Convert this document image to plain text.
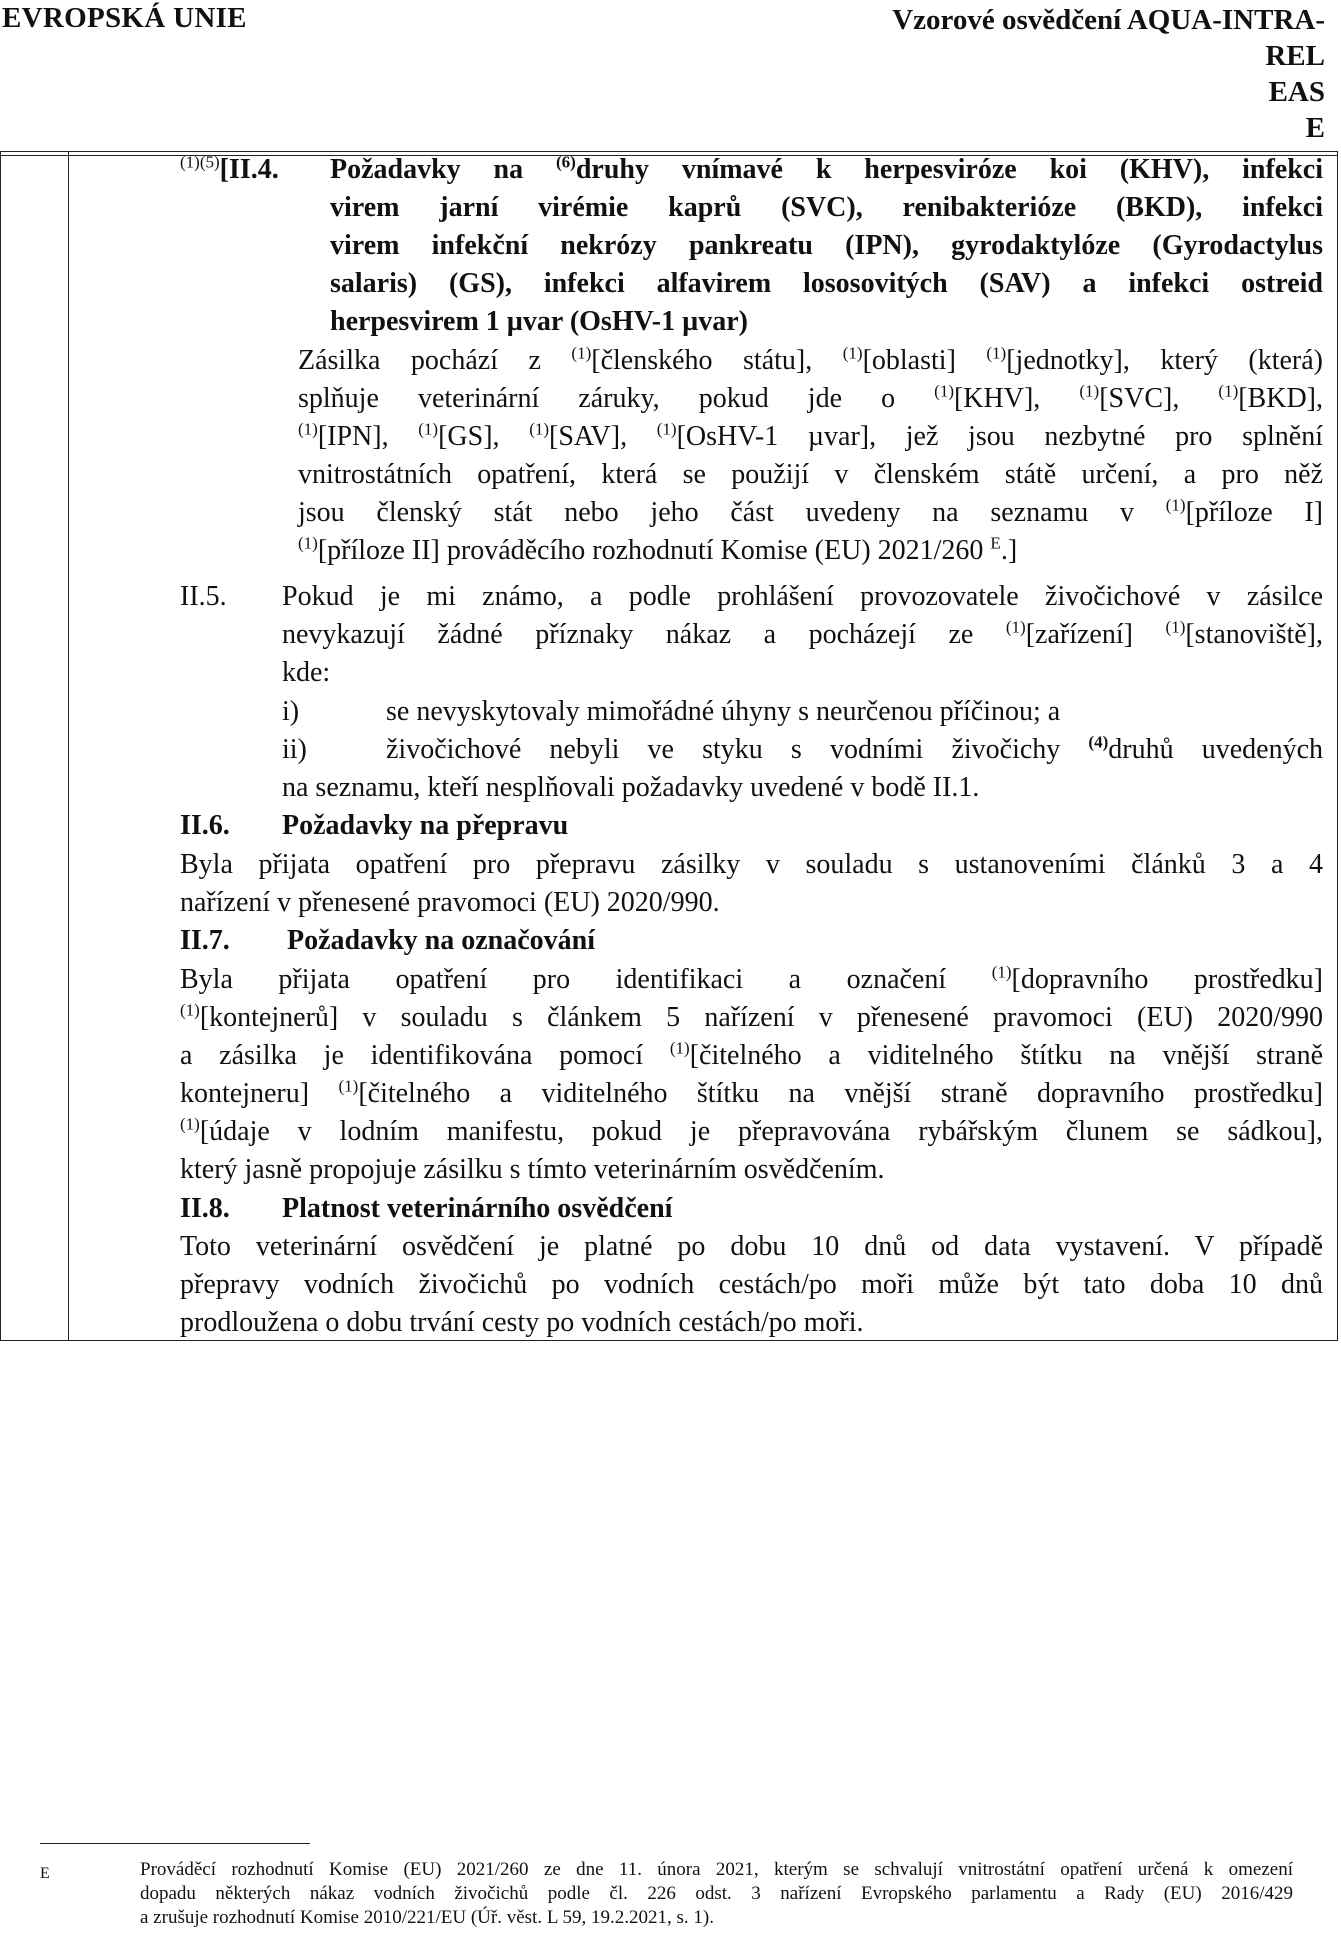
EVROPSKÁ UNIE	Vzorové osvědčení AQUA-INTRA-
REL
EAS
E
$^{(1)(5)}$[II.4. Požadavky na $^{(6)}$druhy vnímavé k herpesviróze koi (KHV), infekci
virem jarní virémie kaprů (SVC), renibakterióze (BKD), infekci
virem infekční nekrózy pankreatu (IPN), gyrodaktylóze (Gyrodactylus
salaris) (GS), infekci alfavirem lososovitých (SAV) a infekci ostreid
herpesvirem 1 µvar (OsHV-1 µvar)
Zásilka pochází z $^{(1)}$[členského státu], $^{(1)}$[oblasti] $^{(1)}$[jednotky], který (která)
splňuje veterinární záruky, pokud jde o $^{(1)}$[KHV], $^{(1)}$[SVC], $^{(1)}$[BKD],
$^{(1)}$[IPN], $^{(1)}$[GS], $^{(1)}$[SAV], $^{(1)}$[OsHV-1 µvar], jež jsou nezbytné pro splnění
vnitrostátních opatření, která se použijí v členském státě určení, a pro něž
jsou členský stát nebo jeho část uvedeny na seznamu v $^{(1)}$[příloze I]
$^{(1)}$[příloze II] prováděcího rozhodnutí Komise (EU) 2021/260 $^E$.]
II.5. Pokud je mi známo, a podle prohlášení provozovatele živočichové v zásilce
nevykazují žádné příznaky nákaz a pocházejí ze $^{(1)}$[zařízení] $^{(1)}$[stanoviště],
kde:
i)	se nevyskytovaly mimořádné úhyny s neurčenou příčinou; a
ii)	živočichové nebyli ve styku s vodními živočichy $^{(4)}$druhů uvedených
na seznamu, kteří nesplňovali požadavky uvedené v bodě II.1.
II.6. Požadavky na přepravu
Byla přijata opatření pro přepravu zásilky v souladu s ustanoveními článků 3 a 4
nařízení v přenesené pravomoci (EU) 2020/990.
II.7. Požadavky na označování
Byla přijata opatření pro identifikaci a označení $^{(1)}$[dopravního prostředku]
$^{(1)}$[kontejnerů] v souladu s článkem 5 nařízení v přenesené pravomoci (EU) 2020/990
a zásilka je identifikována pomocí $^{(1)}$[čitelného a viditelného štítku na vnější straně
kontejneru] $^{(1)}$[čitelného a viditelného štítku na vnější straně dopravního prostředku]
$^{(1)}$[údaje v lodním manifestu, pokud je přepravována rybářským člunem se sádkou],
který jasně propojuje zásilku s tímto veterinárním osvědčením.
II.8. Platnost veterinárního osvědčení
Toto veterinární osvědčení je platné po dobu 10 dnů od data vystavení. V případě
přepravy vodních živočichů po vodních cestách/po moři může být tato doba 10 dnů
prodloužena o dobu trvání cesty po vodních cestách/po moři.
E	Prováděcí rozhodnutí Komise (EU) 2021/260 ze dne 11. února 2021, kterým se schvalují vnitrostátní opatření určená k omezení
dopadu některých nákaz vodních živočichů podle čl. 226 odst. 3 nařízení Evropského parlamentu a Rady (EU) 2016/429
a zrušuje rozhodnutí Komise 2010/221/EU (Úř. věst. L 59, 19.2.2021, s. 1).
